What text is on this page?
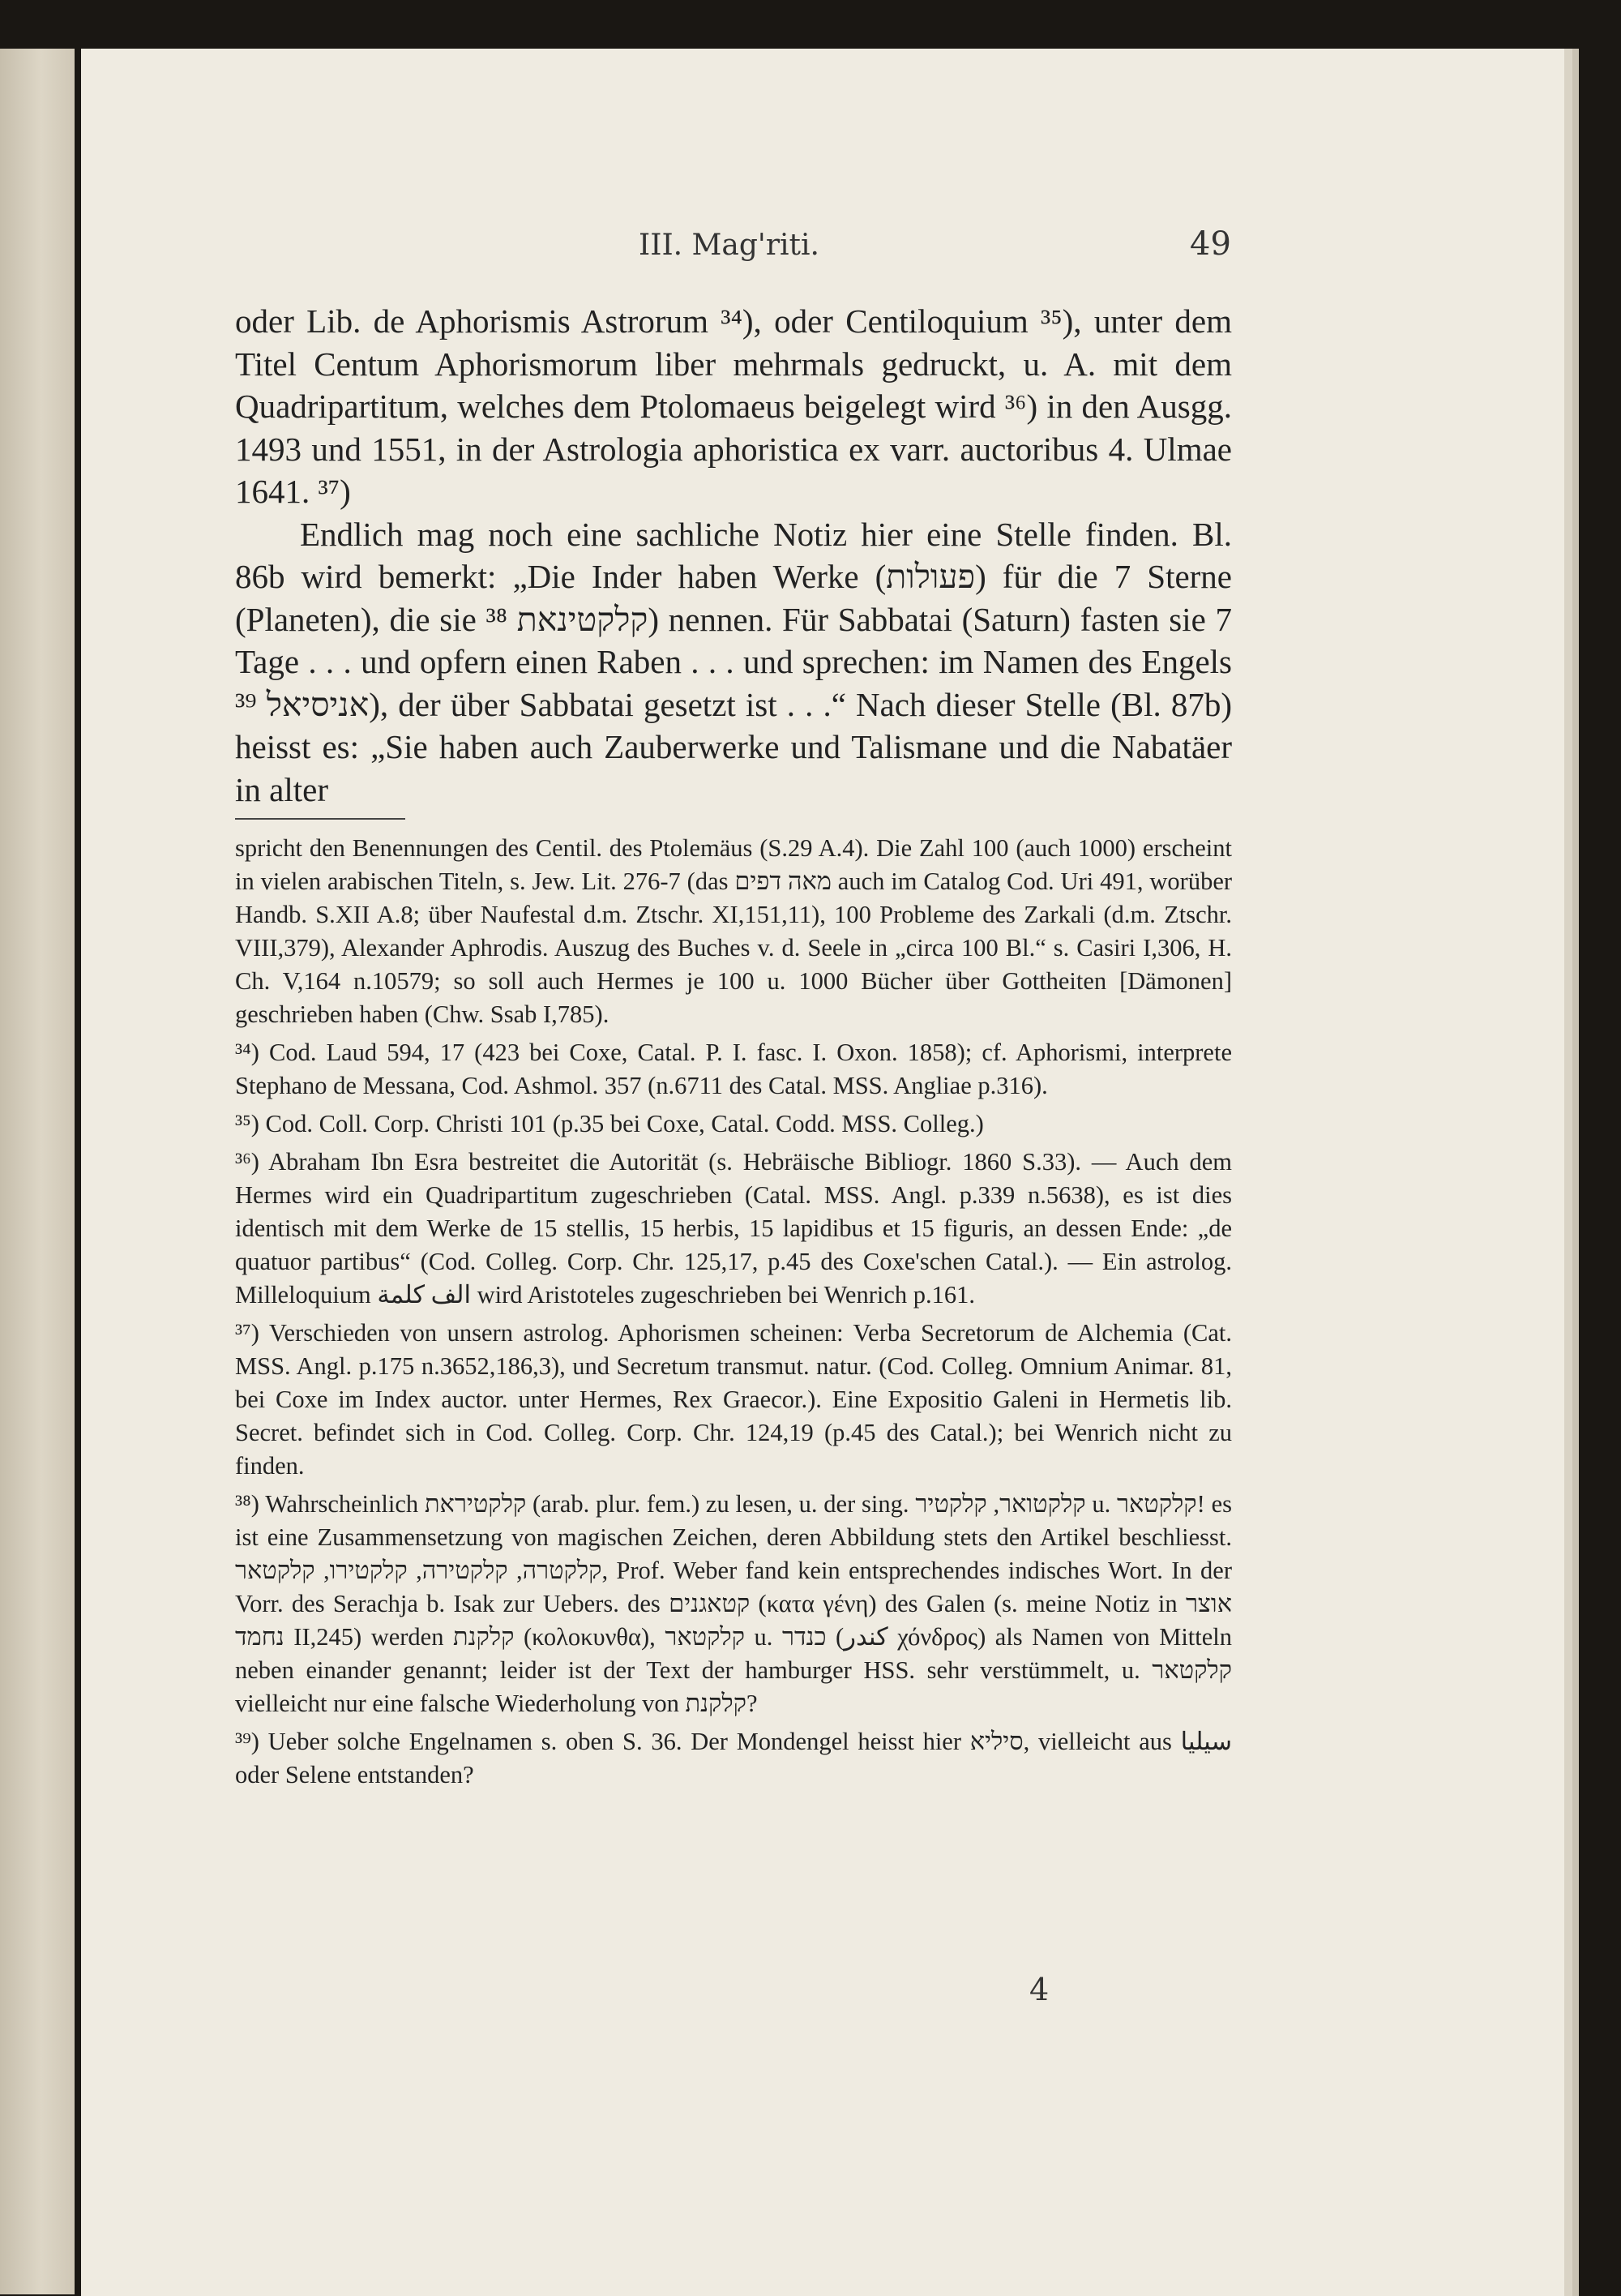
III. Mag'riti.	49

oder Lib. de Aphorismis Astrorum ³⁴), oder Centiloquium ³⁵), unter dem Titel Centum Aphorismorum liber mehrmals gedruckt, u. A. mit dem Quadripartitum, welches dem Ptolomaeus beigelegt wird ³⁶) in den Ausgg. 1493 und 1551, in der Astrologia aphoristica ex varr. auctoribus 4. Ulmae 1641. ³⁷)

Endlich mag noch eine sachliche Notiz hier eine Stelle finden. Bl. 86b wird bemerkt: „Die Inder haben Werke (פעולות) für die 7 Sterne (Planeten), die sie קלקטינאת ³⁸) nennen. Für Sabbatai (Saturn) fasten sie 7 Tage . . . und opfern einen Raben . . . und sprechen: im Namen des Engels אניסיאל ³⁹), der über Sabbatai gesetzt ist . . .“ Nach dieser Stelle (Bl. 87b) heisst es: „Sie haben auch Zauberwerke und Talismane und die Nabatäer in alter

spricht den Benennungen des Centil. des Ptolemäus (S.29 A.4). Die Zahl 100 (auch 1000) erscheint in vielen arabischen Titeln, s. Jew. Lit. 276-7 (das מאה דפים auch im Catalog Cod. Uri 491, worüber Handb. S.XII A.8; über Naufestal d.m. Ztschr. XI,151,11), 100 Probleme des Zarkali (d.m. Ztschr. VIII,379), Alexander Aphrodis. Auszug des Buches v. d. Seele in „circa 100 Bl.“ s. Casiri I,306, H. Ch. V,164 n.10579; so soll auch Hermes je 100 u. 1000 Bücher über Gottheiten [Dämonen] geschrieben haben (Chw. Ssab I,785).

³⁴) Cod. Laud 594, 17 (423 bei Coxe, Catal. P. I. fasc. I. Oxon. 1858); cf. Aphorismi, interprete Stephano de Messana, Cod. Ashmol. 357 (n.6711 des Catal. MSS. Angliae p.316).

³⁵) Cod. Coll. Corp. Christi 101 (p.35 bei Coxe, Catal. Codd. MSS. Colleg.)

³⁶) Abraham Ibn Esra bestreitet die Autorität (s. Hebräische Bibliogr. 1860 S.33). — Auch dem Hermes wird ein Quadripartitum zugeschrieben (Catal. MSS. Angl. p.339 n.5638), es ist dies identisch mit dem Werke de 15 stellis, 15 herbis, 15 lapidibus et 15 figuris, an dessen Ende: „de quatuor partibus“ (Cod. Colleg. Corp. Chr. 125,17, p.45 des Coxe'schen Catal.). — Ein astrolog. Milleloquium الف كلمة wird Aristoteles zugeschrieben bei Wenrich p.161.

³⁷) Verschieden von unsern astrolog. Aphorismen scheinen: Verba Secretorum de Alchemia (Cat. MSS. Angl. p.175 n.3652,186,3), und Secretum transmut. natur. (Cod. Colleg. Omnium Animar. 81, bei Coxe im Index auctor. unter Hermes, Rex Graecor.). Eine Expositio Galeni in Hermetis lib. Secret. befindet sich in Cod. Colleg. Corp. Chr. 124,19 (p.45 des Catal.); bei Wenrich nicht zu finden.

³⁸) Wahrscheinlich קלקטיראת (arab. plur. fem.) zu lesen, u. der sing. קלקטואר, קלקטיר u. קלקטאר! es ist eine Zusammensetzung von magischen Zeichen, deren Abbildung stets den Artikel beschliesst. קלקטרה, קלקטירה, קלקטירו, קלקטאר, Prof. Weber fand kein entsprechendes indisches Wort. In der Vorr. des Serachja b. Isak zur Uebers. des קטאגנים (κατα γένη) des Galen (s. meine Notiz in אוצר נחמד II,245) werden קלקנת (κολοκυνθα), קלקטאר u. כנדר (كندر χόνδρος) als Namen von Mitteln neben einander genannt; leider ist der Text der hamburger HSS. sehr verstümmelt, u. קלקטאר vielleicht nur eine falsche Wiederholung von קלקנת?

³⁹) Ueber solche Engelnamen s. oben S. 36. Der Mondengel heisst hier סיליא, vielleicht aus سيليا oder Selene entstanden?

4
